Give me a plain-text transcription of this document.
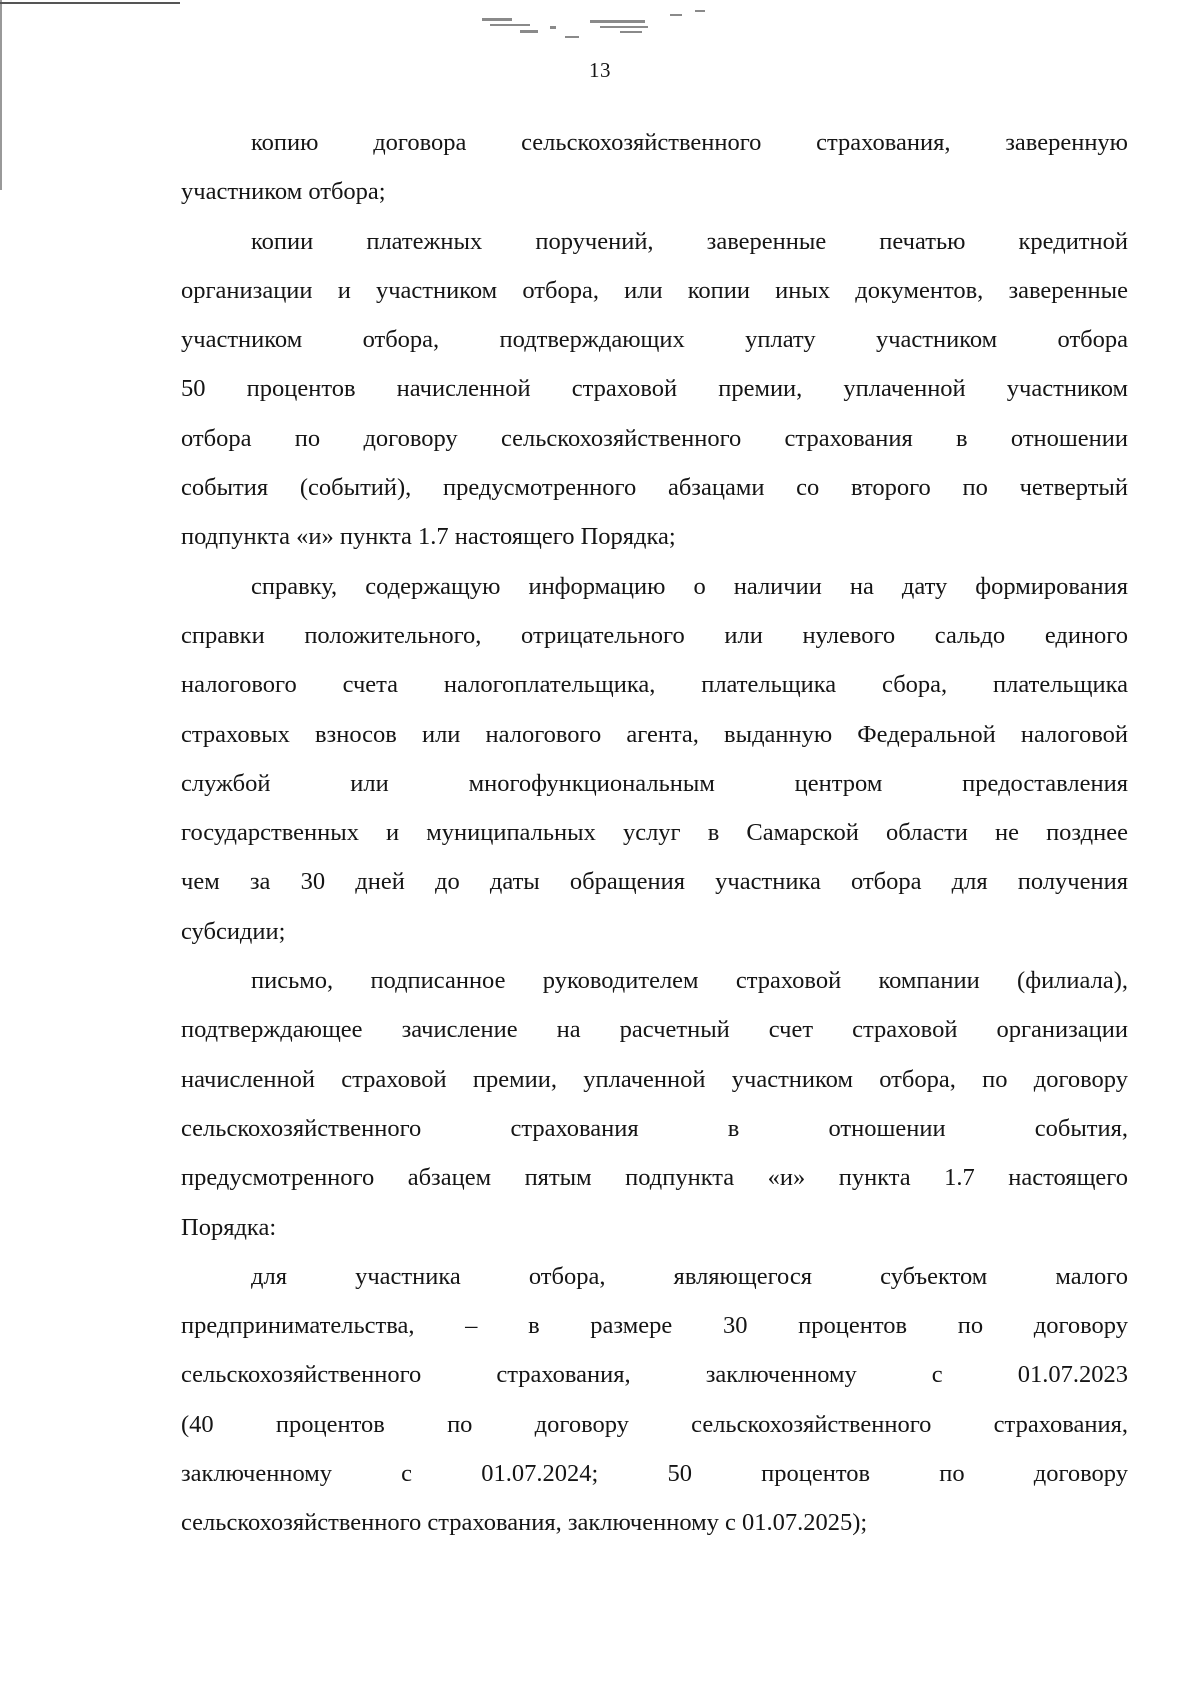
13

копию договора сельскохозяйственного страхования, заверенную
участником отбора;

копии платежных поручений, заверенные печатью кредитной
организации и участником отбора, или копии иных документов, заверенные
участником отбора, подтверждающих уплату участником отбора
50 процентов начисленной страховой премии, уплаченной участником
отбора по договору сельскохозяйственного страхования в отношении
события (событий), предусмотренного абзацами со второго по четвертый
подпункта «и» пункта 1.7 настоящего Порядка;

справку, содержащую информацию о наличии на дату формирования
справки положительного, отрицательного или нулевого сальдо единого
налогового счета налогоплательщика, плательщика сбора, плательщика
страховых взносов или налогового агента, выданную Федеральной налоговой
службой или многофункциональным центром предоставления
государственных и муниципальных услуг в Самарской области не позднее
чем за 30 дней до даты обращения участника отбора для получения
субсидии;

письмо, подписанное руководителем страховой компании (филиала),
подтверждающее зачисление на расчетный счет страховой организации
начисленной страховой премии, уплаченной участником отбора, по договору
сельскохозяйственного страхования в отношении события,
предусмотренного абзацем пятым подпункта «и» пункта 1.7 настоящего
Порядка:

для участника отбора, являющегося субъектом малого
предпринимательства, – в размере 30 процентов по договору
сельскохозяйственного страхования, заключенному с 01.07.2023
(40 процентов по договору сельскохозяйственного страхования,
заключенному с 01.07.2024; 50 процентов по договору
сельскохозяйственного страхования, заключенному с 01.07.2025);
